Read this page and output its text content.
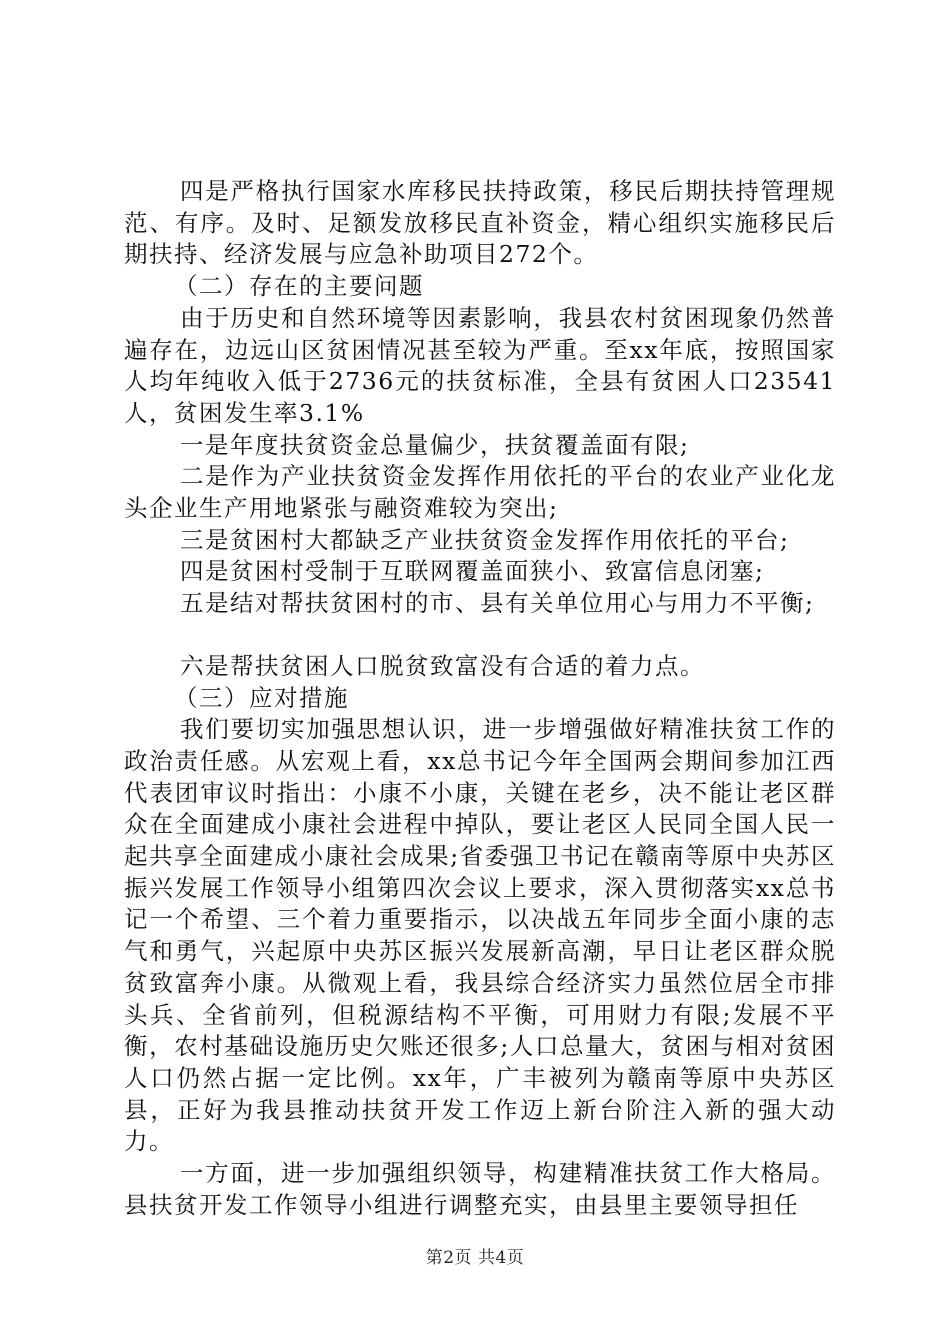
四是严格执行国家水库移民扶持政策，移民后期扶持管理规范、有序。及时、足额发放移民直补资金，精心组织实施移民后期扶持、经济发展与应急补助项目272个。

（二）存在的主要问题

由于历史和自然环境等因素影响，我县农村贫困现象仍然普遍存在，边远山区贫困情况甚至较为严重。至xx年底，按照国家人均年纯收入低于2736元的扶贫标准，全县有贫困人口23541人，贫困发生率3.1%

一是年度扶贫资金总量偏少，扶贫覆盖面有限;

二是作为产业扶贫资金发挥作用依托的平台的农业产业化龙头企业生产用地紧张与融资难较为突出;

三是贫困村大都缺乏产业扶贫资金发挥作用依托的平台;

四是贫困村受制于互联网覆盖面狭小、致富信息闭塞;

五是结对帮扶贫困村的市、县有关单位用心与用力不平衡;

六是帮扶贫困人口脱贫致富没有合适的着力点。

（三）应对措施

我们要切实加强思想认识，进一步增强做好精准扶贫工作的政治责任感。从宏观上看，xx总书记今年全国两会期间参加江西代表团审议时指出：小康不小康，关键在老乡，决不能让老区群众在全面建成小康社会进程中掉队，要让老区人民同全国人民一起共享全面建成小康社会成果;省委强卫书记在赣南等原中央苏区振兴发展工作领导小组第四次会议上要求，深入贯彻落实xx总书记一个希望、三个着力重要指示，以决战五年同步全面小康的志气和勇气，兴起原中央苏区振兴发展新高潮，早日让老区群众脱贫致富奔小康。从微观上看，我县综合经济实力虽然位居全市排头兵、全省前列，但税源结构不平衡，可用财力有限;发展不平衡，农村基础设施历史欠账还很多;人口总量大，贫困与相对贫困人口仍然占据一定比例。xx年，广丰被列为赣南等原中央苏区县，正好为我县推动扶贫开发工作迈上新台阶注入新的强大动力。

一方面，进一步加强组织领导，构建精准扶贫工作大格局。县扶贫开发工作领导小组进行调整充实，由县里主要领导担任

第2页 共4页
